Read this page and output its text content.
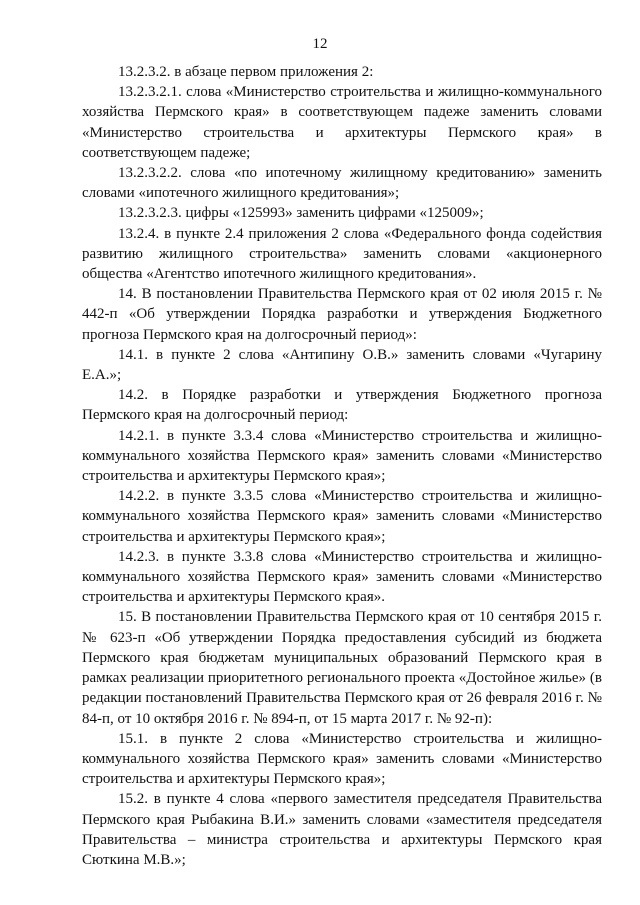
12

13.2.3.2. в абзаце первом приложения 2:

13.2.3.2.1. слова «Министерство строительства и жилищно-коммунального хозяйства Пермского края» в соответствующем падеже заменить словами «Министерство строительства и архитектуры Пермского края» в соответствующем падеже;

13.2.3.2.2. слова «по ипотечному жилищному кредитованию» заменить словами «ипотечного жилищного кредитования»;

13.2.3.2.3. цифры «125993» заменить цифрами «125009»;

13.2.4. в пункте 2.4 приложения 2 слова «Федерального фонда содействия развитию жилищного строительства» заменить словами «акционерного общества «Агентство ипотечного жилищного кредитования».

14. В постановлении Правительства Пермского края от 02 июля 2015 г. № 442-п «Об утверждении Порядка разработки и утверждения Бюджетного прогноза Пермского края на долгосрочный период»:

14.1. в пункте 2 слова «Антипину О.В.» заменить словами «Чугарину Е.А.»;

14.2. в Порядке разработки и утверждения Бюджетного прогноза Пермского края на долгосрочный период:

14.2.1. в пункте 3.3.4 слова «Министерство строительства и жилищно-коммунального хозяйства Пермского края» заменить словами «Министерство строительства и архитектуры Пермского края»;

14.2.2. в пункте 3.3.5 слова «Министерство строительства и жилищно-коммунального хозяйства Пермского края» заменить словами «Министерство строительства и архитектуры Пермского края»;

14.2.3. в пункте 3.3.8 слова «Министерство строительства и жилищно-коммунального хозяйства Пермского края» заменить словами «Министерство строительства и архитектуры Пермского края».

15. В постановлении Правительства Пермского края от 10 сентября 2015 г. № 623-п «Об утверждении Порядка предоставления субсидий из бюджета Пермского края бюджетам муниципальных образований Пермского края в рамках реализации приоритетного регионального проекта «Достойное жилье» (в редакции постановлений Правительства Пермского края от 26 февраля 2016 г. № 84-п, от 10 октября 2016 г. № 894-п, от 15 марта 2017 г. № 92-п):

15.1. в пункте 2 слова «Министерство строительства и жилищно-коммунального хозяйства Пермского края» заменить словами «Министерство строительства и архитектуры Пермского края»;

15.2. в пункте 4 слова «первого заместителя председателя Правительства Пермского края Рыбакина В.И.» заменить словами «заместителя председателя Правительства – министра строительства и архитектуры Пермского края Сюткина М.В.»;
